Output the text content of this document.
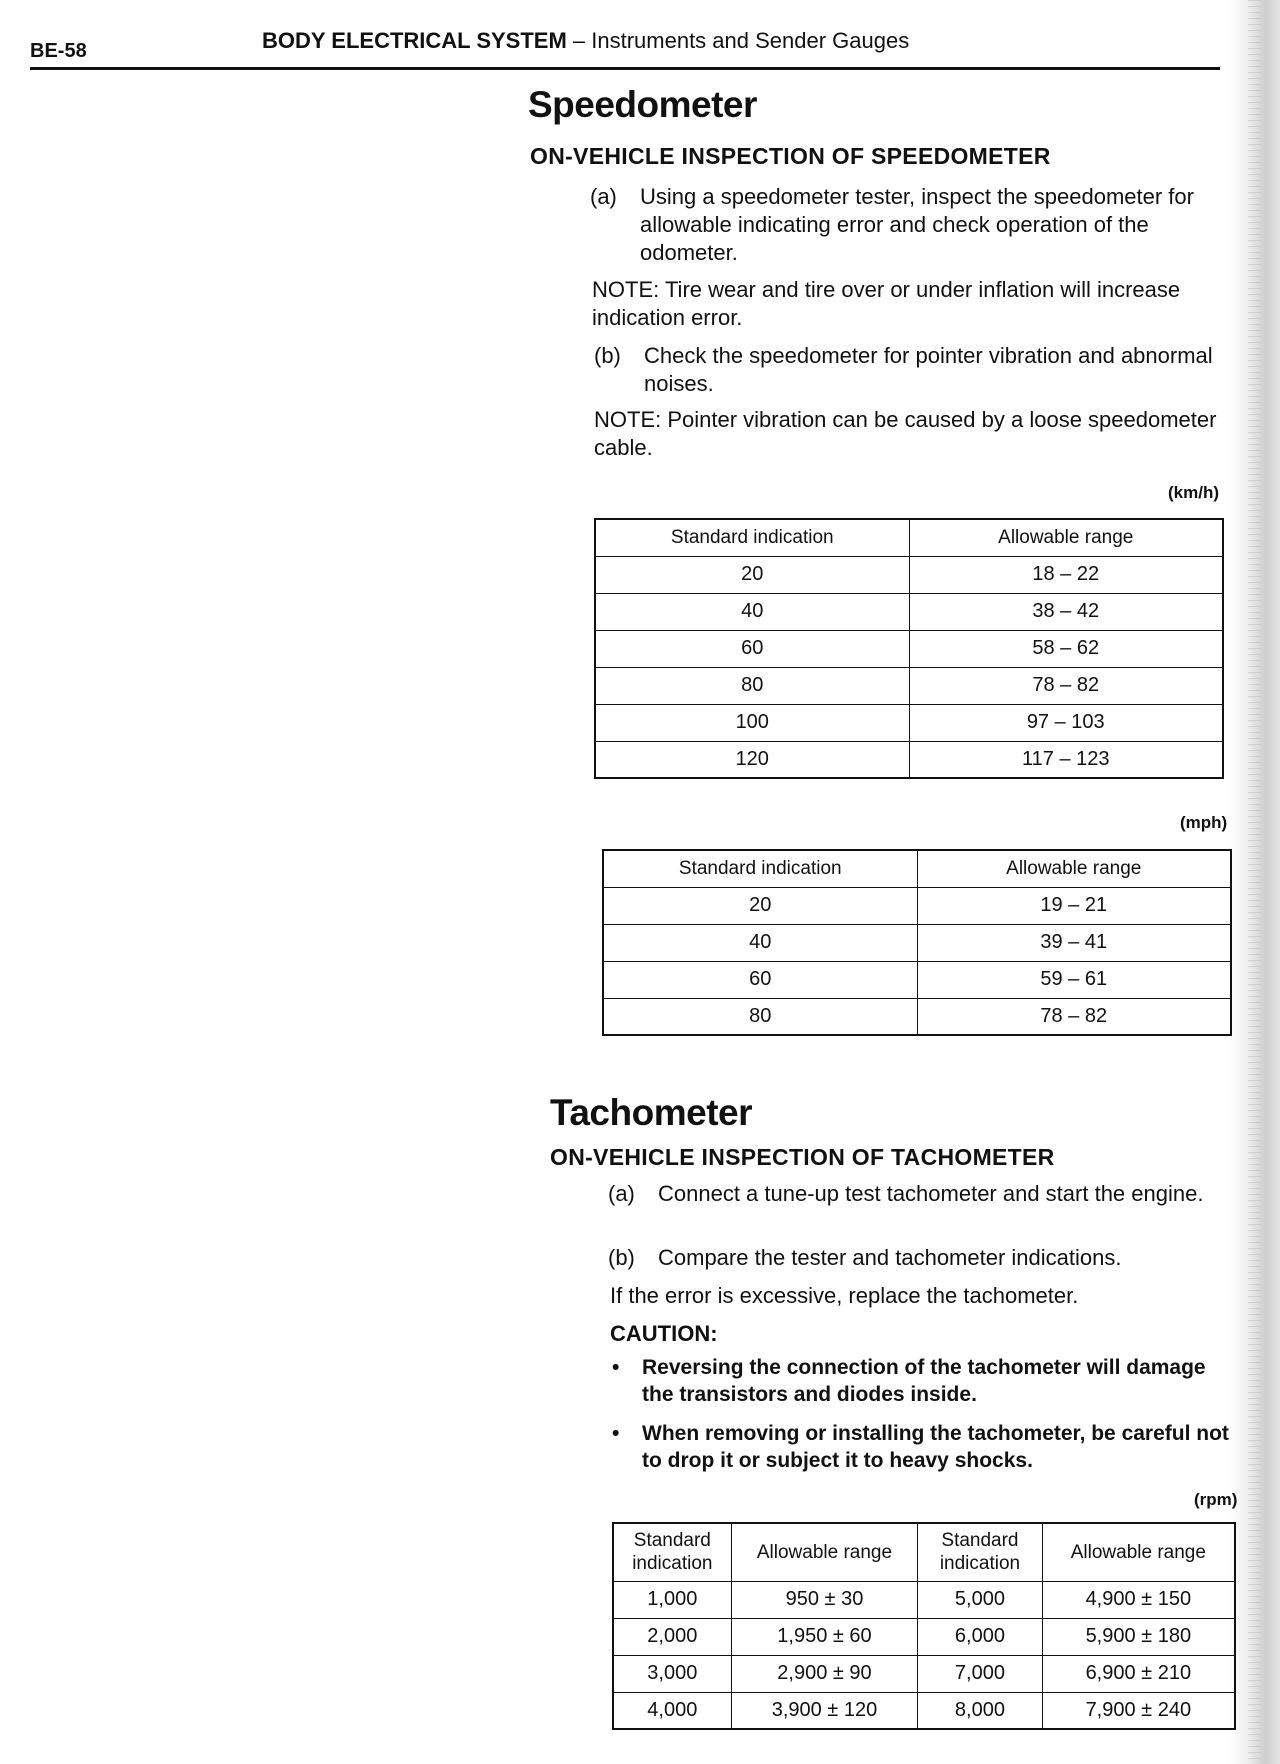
BE-58	BODY ELECTRICAL SYSTEM – Instruments and Sender Gauges
Speedometer
ON-VEHICLE INSPECTION OF SPEEDOMETER
(a)	Using a speedometer tester, inspect the speedometer for allowable indicating error and check operation of the odometer.
NOTE: Tire wear and tire over or under inflation will increase indication error.
(b)	Check the speedometer for pointer vibration and abnormal noises.
NOTE: Pointer vibration can be caused by a loose speedometer cable.
(km/h)
Standard indication	Allowable range
20	18 – 22
40	38 – 42
60	58 – 62
80	78 – 82
100	97 – 103
120	117 – 123
(mph)
Standard indication	Allowable range
20	19 – 21
40	39 – 41
60	59 – 61
80	78 – 82
Tachometer
ON-VEHICLE INSPECTION OF TACHOMETER
(a)	Connect a tune-up test tachometer and start the engine.
(b)	Compare the tester and tachometer indications.
If the error is excessive, replace the tachometer.
CAUTION:
•	Reversing the connection of the tachometer will damage the transistors and diodes inside.
•	When removing or installing the tachometer, be careful not to drop it or subject it to heavy shocks.
(rpm)
Standard indication	Allowable range	Standard indication	Allowable range
1,000	950 ± 30	5,000	4,900 ± 150
2,000	1,950 ± 60	6,000	5,900 ± 180
3,000	2,900 ± 90	7,000	6,900 ± 210
4,000	3,900 ± 120	8,000	7,900 ± 240
